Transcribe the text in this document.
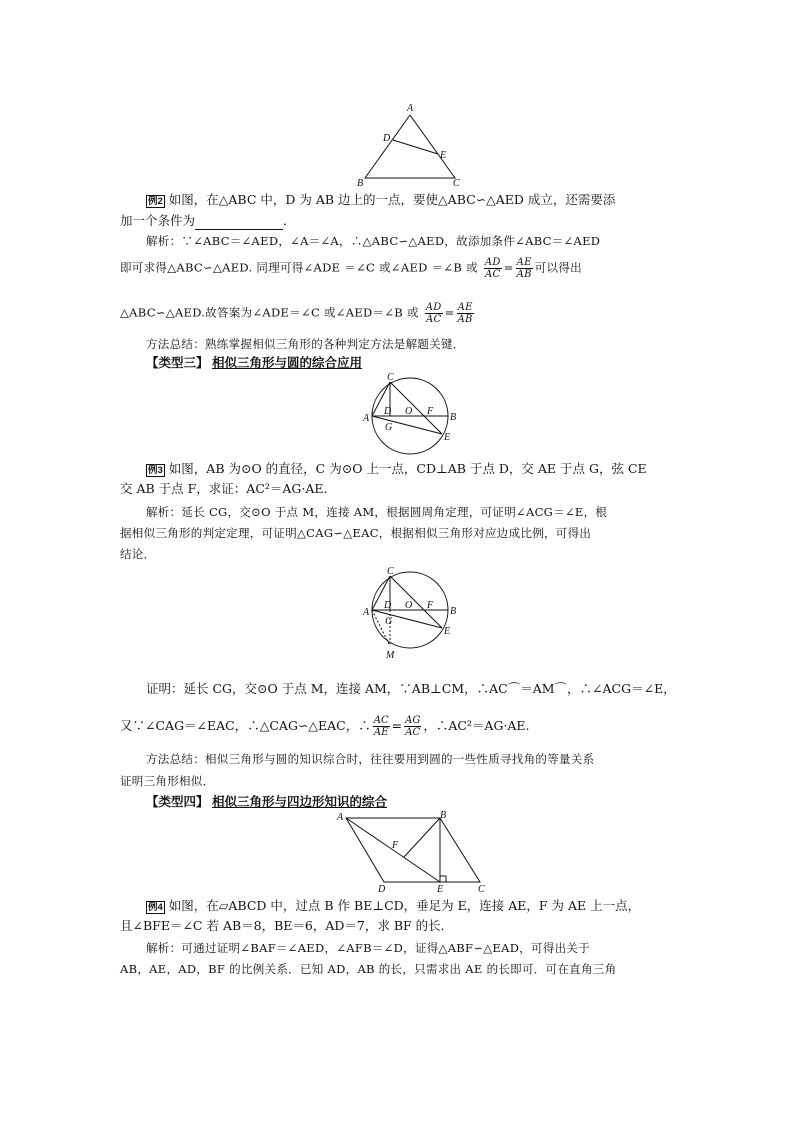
A
D
E
B	C
例2 如图，在△ABC 中，D 为 AB 边上的一点，要使△ABC∽△AED 成立，还需要添
加一个条件为	．
解析：∵∠ABC＝∠AED，∠A＝∠A，∴△ABC∽△AED，故添加条件∠ABC＝∠AED
即可求得△ABC∽△AED. 同理可得∠ADE ＝∠C 或∠AED ＝∠B 或 $\frac{AD}{AC} = \frac{AE}{AB}$ 可以得出
△ABC∽△AED.故答案为∠ADE＝∠C 或∠AED＝∠B 或 $\frac{AD}{AC} = \frac{AE}{AB}$
方法总结：熟练掌握相似三角形的各种判定方法是解题关键．
【类型三】 相似三角形与圆的综合应用
C
A
D O F
B
G
E
例3 如图，AB 为⊙O 的直径，C 为⊙O 上一点，CD⊥AB 于点 D，交 AE 于点 G，弦 CE
交 AB 于点 F，求证：AC²＝AG·AE.
解析：延长 CG，交⊙O 于点 M，连接 AM，根据圆周角定理，可证明∠ACG＝∠E，根
据相似三角形的判定定理，可证明△CAG∽△EAC，根据相似三角形对应边成比例，可得出
结论．
C
A
D O F
B
G
E
M
证明：延长 CG，交⊙O 于点 M，连接 AM，∵AB⊥CM，∴AC⌒＝AM⌒，∴∠ACG＝∠E，
又∵∠CAG＝∠EAC，∴△CAG∽△EAC，∴ $\frac{AC}{AE} = \frac{AG}{AC}$ ，∴AC²＝AG·AE.
方法总结：相似三角形与圆的知识综合时，往往要用到圆的一些性质寻找角的等量关系
证明三角形相似．
【类型四】 相似三角形与四边形知识的综合
A	B
F
D	E	C
例4 如图，在▱ABCD 中，过点 B 作 BE⊥CD，垂足为 E，连接 AE，F 为 AE 上一点，
且∠BFE＝∠C 若 AB＝8，BE＝6，AD＝7，求 BF 的长．
解析：可通过证明∠BAF＝∠AED，∠AFB＝∠D，证得△ABF∽△EAD，可得出关于
AB，AE，AD，BF 的比例关系．已知 AD，AB 的长，只需求出 AE 的长即可．可在直角三角
